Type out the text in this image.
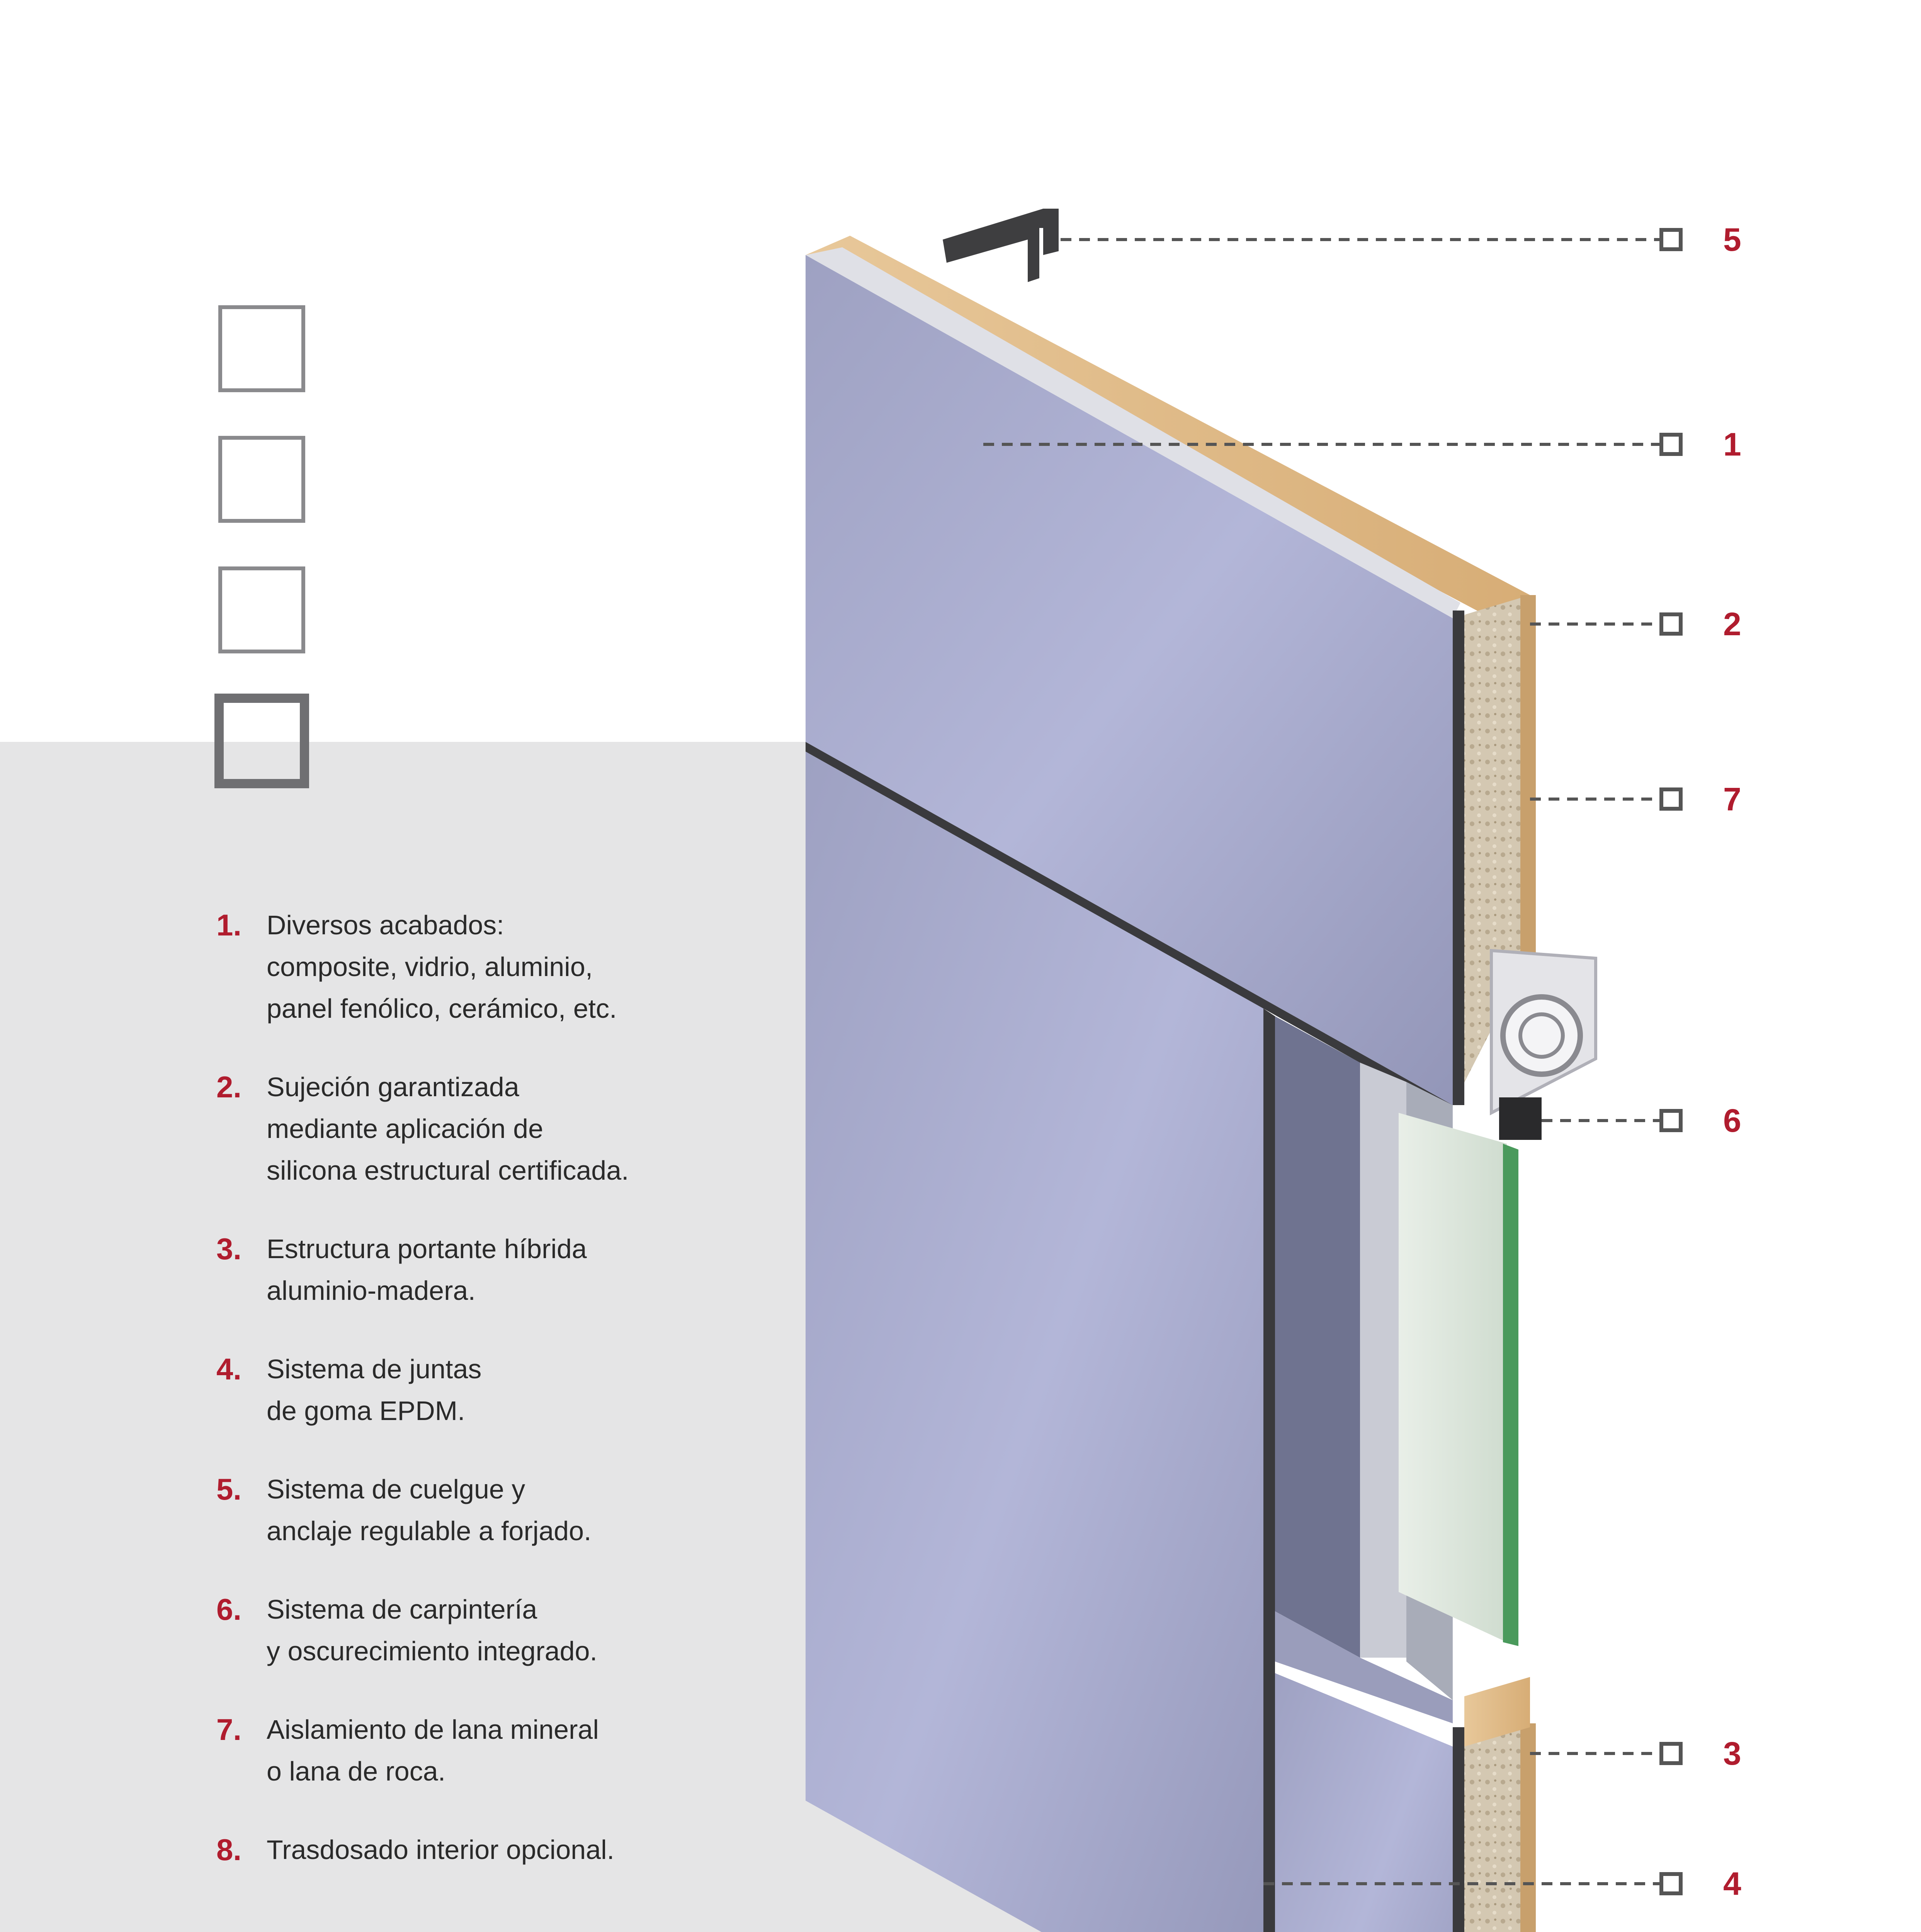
1. Diversos acabados:
composite, vidrio, aluminio,
panel fenólico, cerámico, etc.
2. Sujeción garantizada
mediante aplicación de
silicona estructural certificada.
3. Estructura portante híbrida
aluminio-madera.
4. Sistema de juntas
de goma EPDM.
5. Sistema de cuelgue y
anclaje regulable a forjado.
6. Sistema de carpintería
y oscurecimiento integrado.
7. Aislamiento de lana mineral
o lana de roca.
8. Trasdosado interior opcional.
5
1
2
7
6
3
4
